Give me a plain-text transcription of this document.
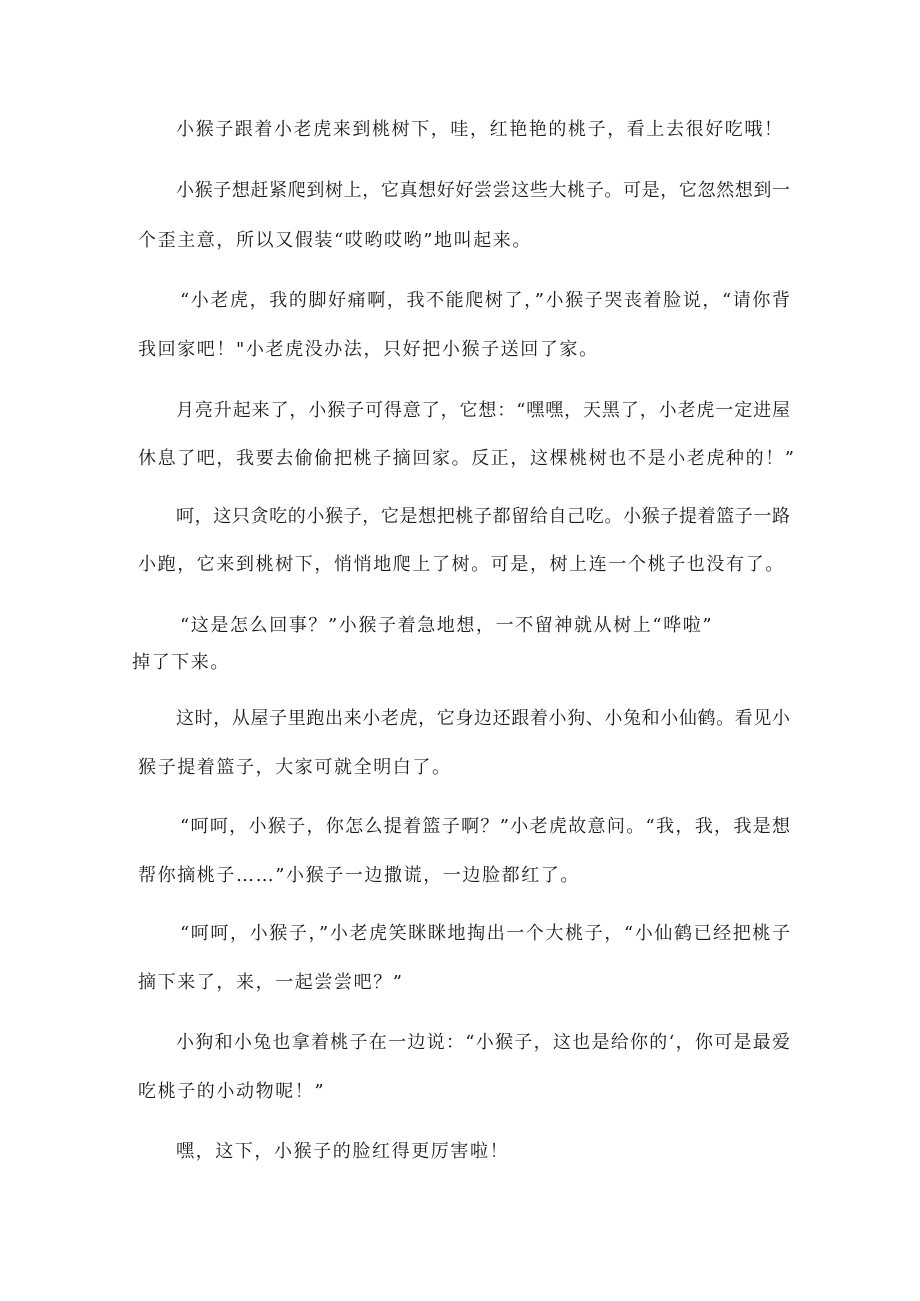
小猴子跟着小老虎来到桃树下，哇，红艳艳的桃子，看上去很好吃哦！

小猴子想赶紧爬到树上，它真想好好尝尝这些大桃子。可是，它忽然想到一

个歪主意，所以又假装“哎哟哎哟”地叫起来。

“小老虎，我的脚好痛啊，我不能爬树了，”小猴子哭丧着脸说，“请你背

我回家吧！"小老虎没办法，只好把小猴子送回了家。

月亮升起来了，小猴子可得意了，它想：“嘿嘿，天黑了，小老虎一定进屋

休息了吧，我要去偷偷把桃子摘回家。反正，这棵桃树也不是小老虎种的！”

呵，这只贪吃的小猴子，它是想把桃子都留给自己吃。小猴子提着篮子一路

小跑，它来到桃树下，悄悄地爬上了树。可是，树上连一个桃子也没有了。

“这是怎么回事？”小猴子着急地想，一不留神就从树上“哗啦”

掉了下来。

这时，从屋子里跑出来小老虎，它身边还跟着小狗、小兔和小仙鹤。看见小

猴子提着篮子，大家可就全明白了。

“呵呵，小猴子，你怎么提着篮子啊？”小老虎故意问。“我，我，我是想

帮你摘桃子……”小猴子一边撒谎，一边脸都红了。

“呵呵，小猴子，”小老虎笑眯眯地掏出一个大桃子，“小仙鹤已经把桃子

摘下来了，来，一起尝尝吧？”

小狗和小兔也拿着桃子在一边说：“小猴子，这也是给你的‘，你可是最爱

吃桃子的小动物呢！”

嘿，这下，小猴子的脸红得更厉害啦！
